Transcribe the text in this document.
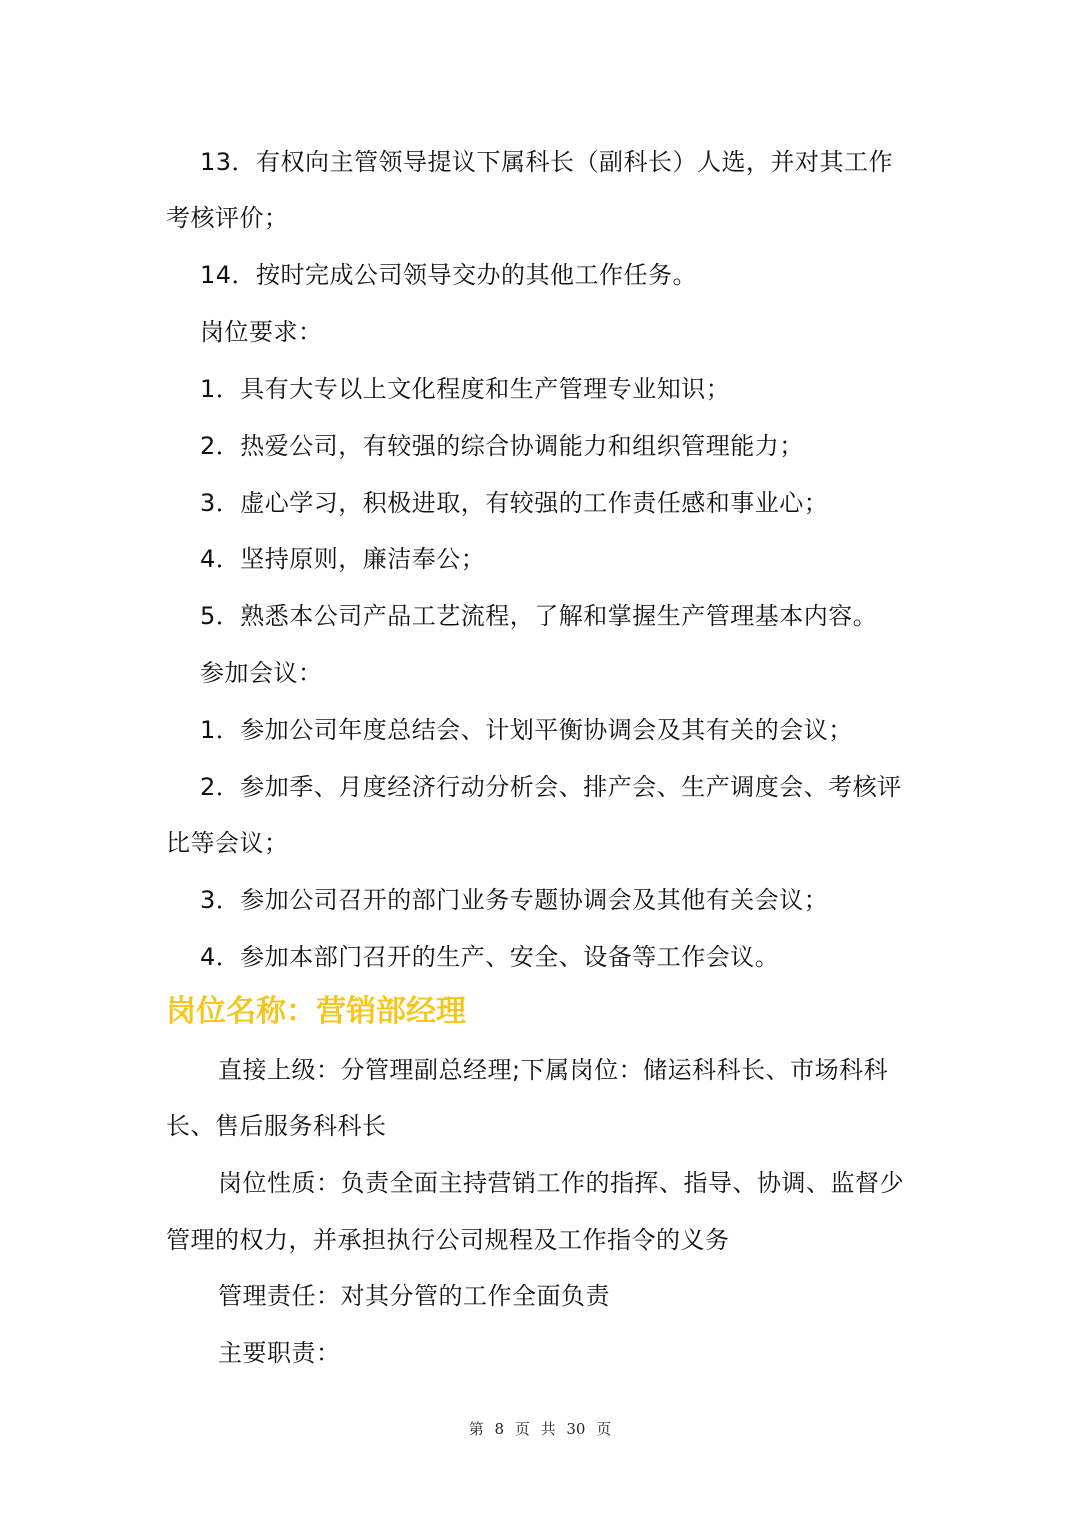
13．有权向主管领导提议下属科长（副科长）人选，并对其工作
考核评价；
14．按时完成公司领导交办的其他工作任务。
岗位要求：
1．具有大专以上文化程度和生产管理专业知识；
2．热爱公司，有较强的综合协调能力和组织管理能力；
3．虚心学习，积极进取，有较强的工作责任感和事业心；
4．坚持原则，廉洁奉公；
5．熟悉本公司产品工艺流程，了解和掌握生产管理基本内容。
参加会议：
1．参加公司年度总结会、计划平衡协调会及其有关的会议；
2．参加季、月度经济行动分析会、排产会、生产调度会、考核评
比等会议；
3．参加公司召开的部门业务专题协调会及其他有关会议；
4．参加本部门召开的生产、安全、设备等工作会议。
岗位名称：营销部经理
直接上级：分管理副总经理;下属岗位：储运科科长、市场科科
长、售后服务科科长
岗位性质：负责全面主持营销工作的指挥、指导、协调、监督少
管理的权力，并承担执行公司规程及工作指令的义务
管理责任：对其分管的工作全面负责
主要职责：
第 8 页 共 30 页
